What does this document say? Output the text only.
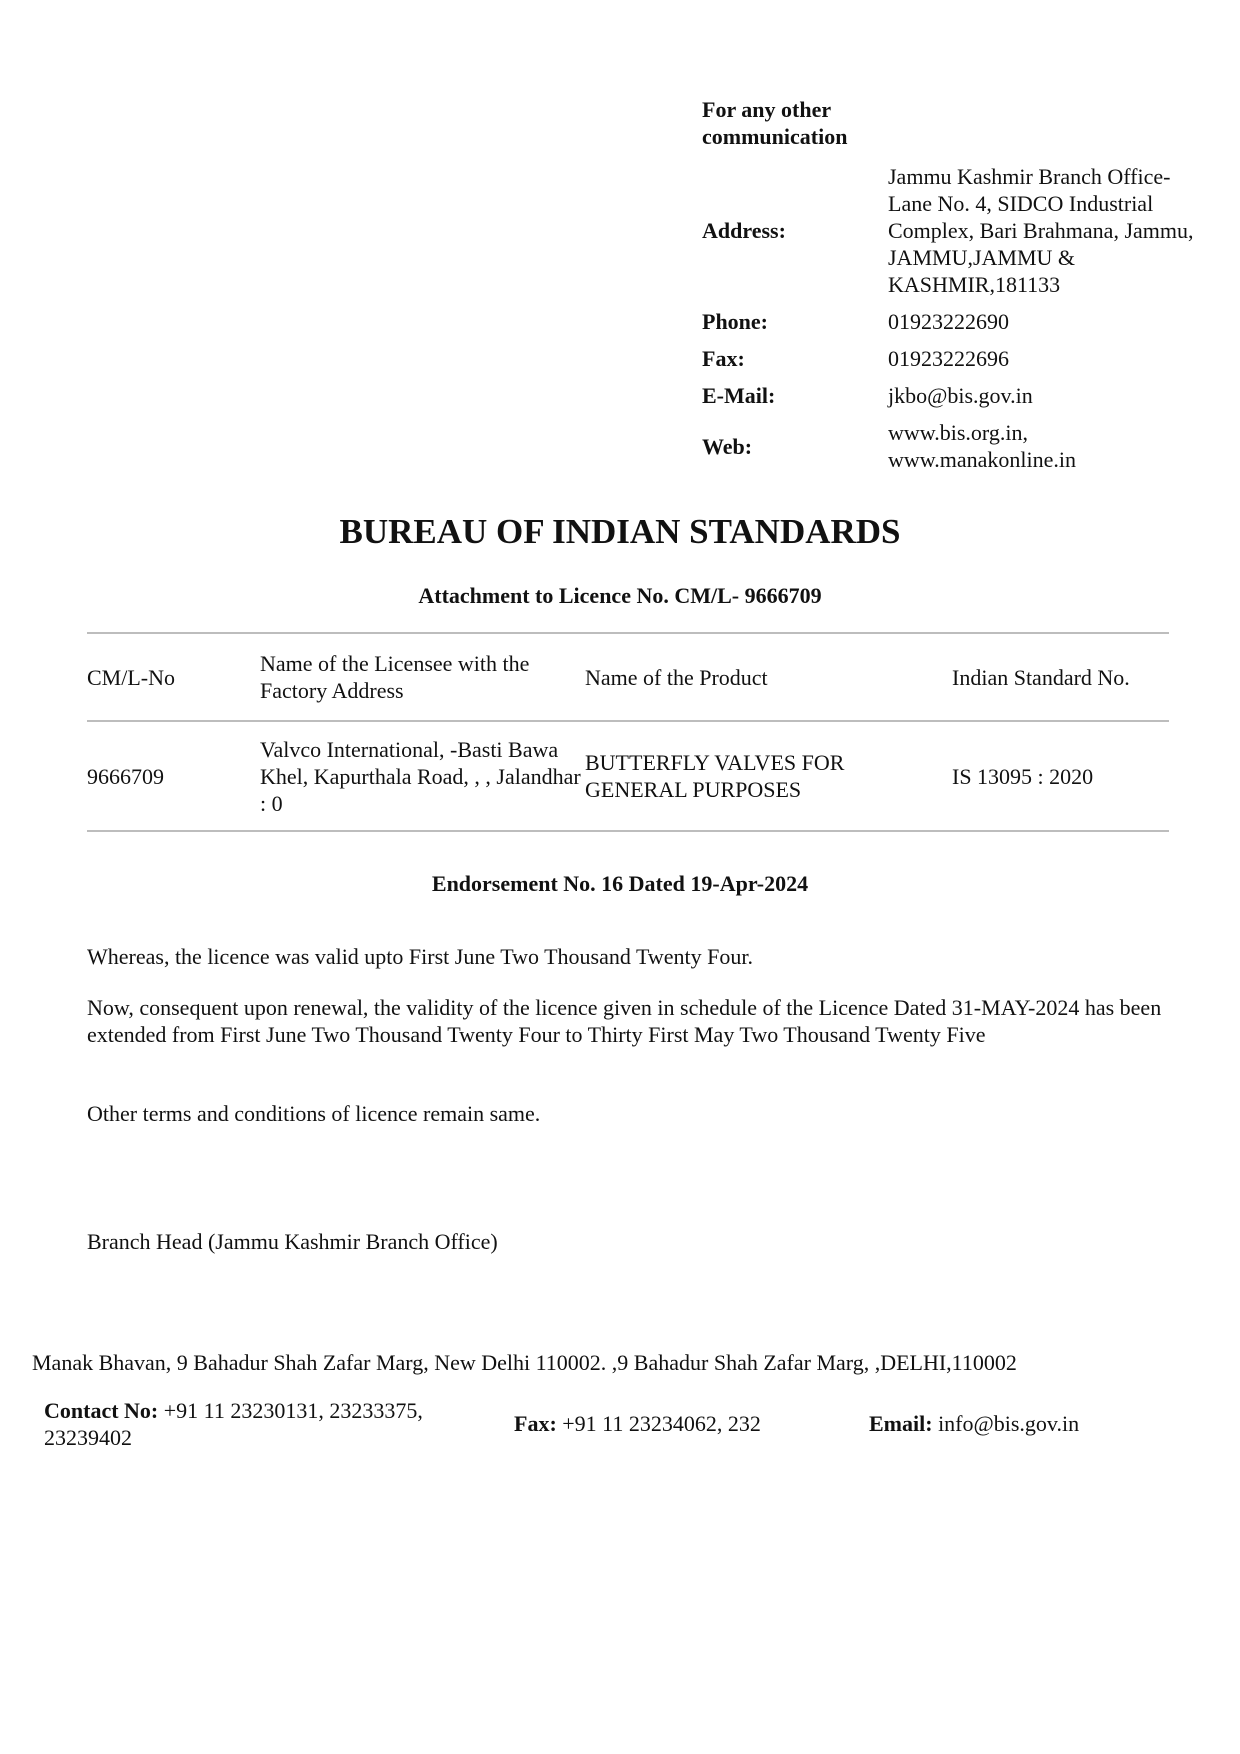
For any other communication
Address:
Jammu Kashmir Branch Office- Lane No. 4, SIDCO Industrial Complex, Bari Brahmana, Jammu, JAMMU,JAMMU & KASHMIR,181133
Phone:	01923222690
Fax:	01923222696
E-Mail:	jkbo@bis.gov.in
Web:
www.bis.org.in,
www.manakonline.in
BUREAU OF INDIAN STANDARDS
Attachment to Licence No. CM/L- 9666709
CM/L-No	Name of the Licensee with the Factory Address	Name of the Product	Indian Standard No.
9666709	Valvco International, -Basti Bawa Khel, Kapurthala Road, , , Jalandhar : 0	BUTTERFLY VALVES FOR GENERAL PURPOSES	IS 13095 : 2020
Endorsement No. 16 Dated 19-Apr-2024
Whereas, the licence was valid upto First June Two Thousand Twenty Four.
Now, consequent upon renewal, the validity of the licence given in schedule of the Licence Dated 31-MAY-2024 has been extended from First June Two Thousand Twenty Four to Thirty First May Two Thousand Twenty Five
Other terms and conditions of licence remain same.
Branch Head (Jammu Kashmir Branch Office)
Manak Bhavan, 9 Bahadur Shah Zafar Marg, New Delhi 110002. ,9 Bahadur Shah Zafar Marg, ,DELHI,110002
Contact No: +91 11 23230131, 23233375, 23239402
Fax: +91 11 23234062, 232	Email: info@bis.gov.in
